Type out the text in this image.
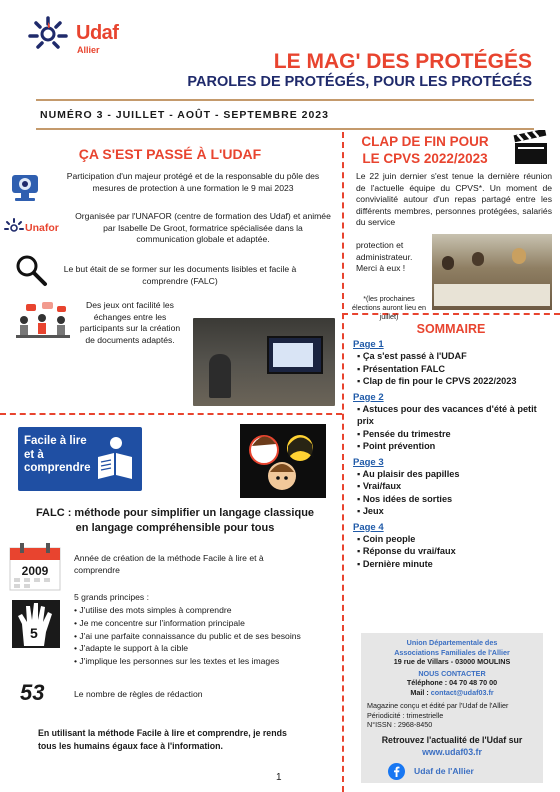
Udaf
Allier	LE MAG' DES PROTÉGÉS
PAROLES DE PROTÉGÉS, POUR LES PROTÉGÉS
NUMÉRO 3 - JUILLET - AOÛT - SEPTEMBRE 2023
ÇA S'EST PASSÉ À L'UDAF
Participation d'un majeur protégé et de la responsable du pôle des mesures de protection à une formation le 9 mai 2023
Unafor
Organisée par l'UNAFOR (centre de formation des Udaf) et animée par Isabelle De Groot, formatrice spécialisée dans la communication globale et adaptée.
Le but était de se former sur les documents lisibles et facile à comprendre (FALC)
Des jeux ont facilité les échanges entre les participants sur la création de documents adaptés.
CLAP DE FIN POUR
LE CPVS 2022/2023
Le 22 juin dernier s'est tenue la dernière réunion de l'actuelle équipe du CPVS*. Un moment de convivialité autour d'un repas partagé entre les différents membres, personnes protégées, salariés du service
protection et administrateur.
Merci à eux !
*(les prochaines élections auront lieu en juillet)
SOMMAIRE
Page 1
▪ Ça s'est passé à l'UDAF
▪ Présentation FALC
▪ Clap de fin pour le CPVS 2022/2023
Page 2
▪ Astuces pour des vacances d'été à petit prix
▪ Pensée du trimestre
▪ Point prévention
Page 3
▪ Au plaisir des papilles
▪ Vrai/faux
▪ Nos idées de sorties
▪ Jeux
Page 4
▪ Coin people
▪ Réponse du vrai/faux
▪ Dernière minute
Union Départementale des
Associations Familiales de l'Allier
19 rue de Villars - 03000 MOULINS
NOUS CONTACTER
Téléphone : 04 70 48 70 00
Mail : contact@udaf03.fr
Magazine conçu et édité par l'Udaf de l'Allier
Périodicité : trimestrielle
N°ISSN : 2968-8450
Retrouvez l'actualité de l'Udaf sur
www.udaf03.fr
Udaf de l'Allier
Facile à lire et à comprendre
FALC : méthode pour simplifier un langage classique en langage compréhensible pour tous
2009
Année de création de la méthode Facile à lire et à comprendre
5 grands principes :
• J'utilise des mots simples à comprendre
• Je me concentre sur l'information principale
• J'ai une parfaite connaissance du public et de ses besoins
• J'adapte le support à la cible
• J'implique les personnes sur les textes et les images
5
53	Le nombre de règles de rédaction
En utilisant la méthode Facile à lire et comprendre, je rends tous les humains égaux face à l'information.
1
